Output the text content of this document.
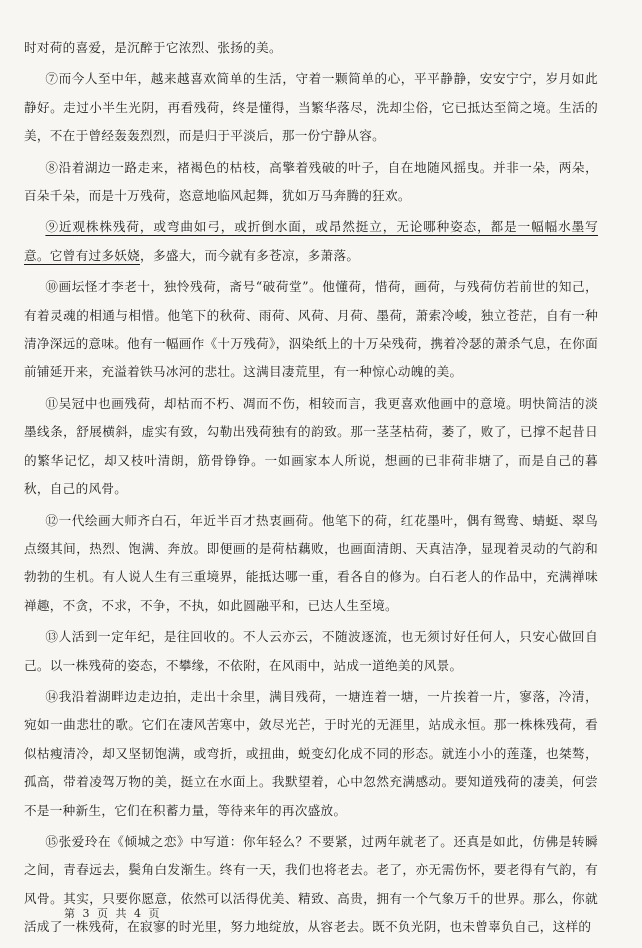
时对荷的喜爱，是沉醉于它浓烈、张扬的美。

⑦而今人至中年，越来越喜欢简单的生活，守着一颗简单的心，平平静静，安安宁宁，岁月如此静好。走过小半生光阴，再看残荷，终是懂得，当繁华落尽，洗却尘俗，它已抵达至简之境。生活的美，不在于曾经轰轰烈烈，而是归于平淡后，那一份宁静从容。

⑧沿着湖边一路走来，褚褐色的枯枝，高擎着残破的叶子，自在地随风摇曳。并非一朵，两朵，百朵千朵，而是十万残荷，恣意地临风起舞，犹如万马奔腾的狂欢。

⑨近观株株残荷，或弯曲如弓，或折倒水面，或昂然挺立，无论哪种姿态，都是一幅幅水墨写意。它曾有过多妖娆，多盛大，而今就有多苍凉，多萧落。

⑩画坛怪才李老十，独怜残荷，斋号“破荷堂”。他懂荷，惜荷，画荷，与残荷仿若前世的知己，有着灵魂的相通与相惜。他笔下的秋荷、雨荷、风荷、月荷、墨荷，萧索冷峻，独立苍茫，自有一种清净深远的意味。他有一幅画作《十万残荷》，泅染纸上的十万朵残荷，携着冷瑟的萧杀气息，在你面前铺延开来，充溢着铁马冰河的悲壮。这满目凄荒里，有一种惊心动魄的美。

⑪吴冠中也画残荷，却枯而不朽、凋而不伤，相较而言，我更喜欢他画中的意境。明快简洁的淡墨线条，舒展横斜，虚实有致，勾勒出残荷独有的韵致。那一茎茎枯荷，萎了，败了，已撑不起昔日的繁华记忆，却又枝叶清朗，筋骨铮铮。一如画家本人所说，想画的已非荷非塘了，而是自己的暮秋，自己的风骨。

⑫一代绘画大师齐白石，年近半百才热衷画荷。他笔下的荷，红花墨叶，偶有鸳鸯、蜻蜓、翠鸟点缀其间，热烈、饱满、奔放。即便画的是荷枯藕败，也画面清朗、天真洁净，显现着灵动的气韵和勃勃的生机。有人说人生有三重境界，能抵达哪一重，看各自的修为。白石老人的作品中，充满禅味禅趣，不贪，不求，不争，不执，如此圆融平和，已达人生至境。

⑬人活到一定年纪，是往回收的。不人云亦云，不随波逐流，也无须讨好任何人，只安心做回自己。以一株残荷的姿态，不攀缘，不依附，在风雨中，站成一道绝美的风景。

⑭我沿着湖畔边走边拍，走出十余里，满目残荷，一塘连着一塘，一片挨着一片，寥落，冷清，宛如一曲悲壮的歌。它们在凄风苦寒中，敛尽光芒，于时光的无涯里，站成永恒。那一株株残荷，看似枯瘦清冷，却又坚韧饱满，或弯折，或扭曲，蜕变幻化成不同的形态。就连小小的莲蓬，也桀骜，孤高，带着凌驾万物的美，挺立在水面上。我默望着，心中忽然充满感动。要知道残荷的凄美，何尝不是一种新生，它们在积蓄力量，等待来年的再次盛放。

⑮张爱玲在《倾城之恋》中写道：你年轻么？不要紧，过两年就老了。还真是如此，仿佛是转瞬之间，青春远去，鬓角白发渐生。终有一天，我们也将老去。老了，亦无需伤怀，要老得有气韵，有风骨。其实，只要你愿意，依然可以活得优美、精致、高贵，拥有一个气象万千的世界。那么，你就活成了一株残荷，在寂寥的时光里，努力地绽放，从容老去。既不负光阴，也未曾辜负自己，这样的

第 3 页 共 4 页
